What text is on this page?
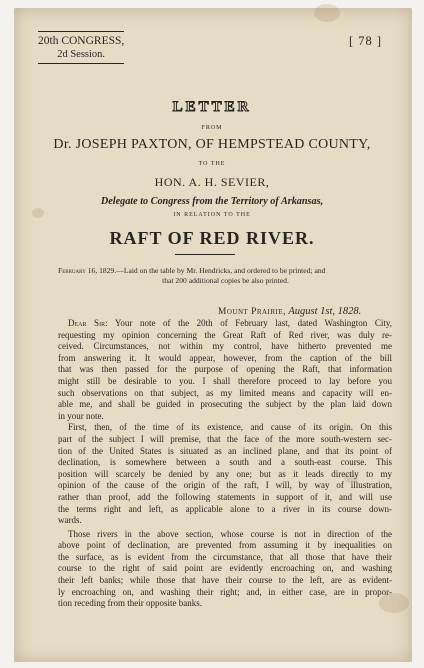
20th CONGRESS,
2d Session.
[ 78 ]
LETTER
FROM
Dr. JOSEPH PAXTON, OF HEMPSTEAD COUNTY,
TO THE
HON. A. H. SEVIER,
Delegate to Congress from the Territory of Arkansas,
IN RELATION TO THE
RAFT OF RED RIVER.
February 16, 1829.—Laid on the table by Mr. Hendricks, and ordered to be printed; and
that 200 additional copies be also printed.
Mount Prairie, August 1st, 1828.
Dear Sir: Your note of the 20th of February last, dated Washington City,
requesting my opinion concerning the Great Raft of Red river, was duly re-
ceived. Circumstances, not within my control, have hitherto prevented me
from answering it. It would appear, however, from the caption of the bill
that was then passed for the purpose of opening the Raft, that information
might still be desirable to you. I shall therefore proceed to lay before you
such observations on that subject, as my limited means and capacity will en-
able me, and shall be guided in prosecuting the subject by the plan laid down
in your note.
First, then, of the time of its existence, and cause of its origin. On this
part of the subject I will premise, that the face of the more south-western sec-
tion of the United States is situated as an inclined plane, and that its point of
declination, is somewhere between a south and a south-east course. This
position will scarcely be denied by any one; but as it leads directly to my
opinion of the cause of the origin of the raft, I will, by way of illustration,
rather than proof, add the following statements in support of it, and will use
the terms right and left, as applicable alone to a river in its course down-
wards.
Those rivers in the above section, whose course is not in direction of the
above point of declination, are prevented from assuming it by inequalities on
the surface, as is evident from the circumstance, that all those that have their
course to the right of said point are evidently encroaching on, and washing
their left banks; while those that have their course to the left, are as evident-
ly encroaching on, and washing their right; and, in either case, are in propor-
tion receding from their opposite banks.
